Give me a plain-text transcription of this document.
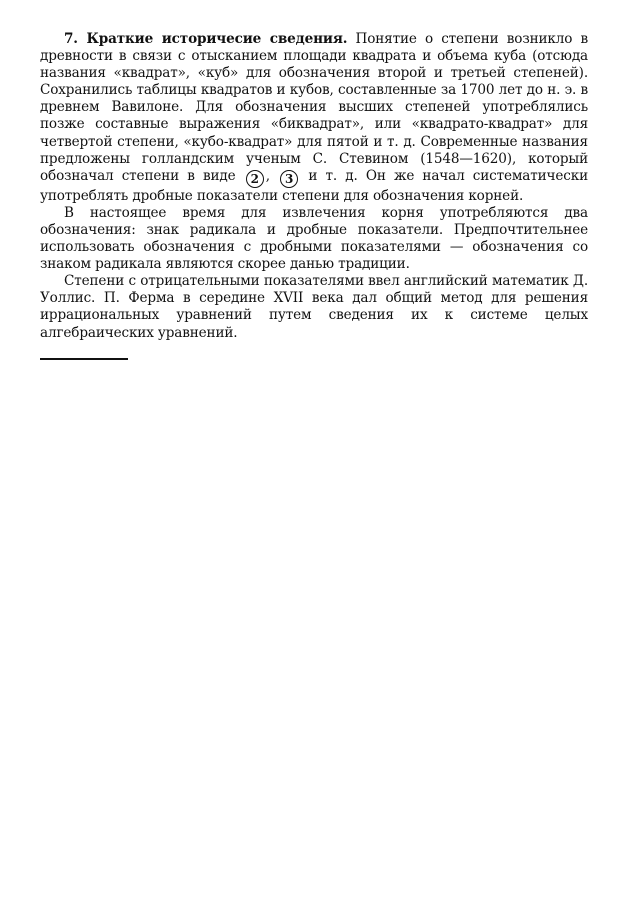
7. Краткие историчесие сведения. Понятие о степени возникло в древности в связи с отысканием площади квадрата и объема куба (отсюда названия «квадрат», «куб» для обозначения второй и третьей степеней). Сохранились таблицы квадратов и кубов, составленные за 1700 лет до н. э. в древнем Вавилоне. Для обозначения высших степеней употреблялись позже составные выражения «биквадрат», или «квадрато-квадрат» для четвертой степени, «кубо-квадрат» для пятой и т. д. Современные названия предложены голландским ученым С. Стевином (1548—1620), который обозначал степени в виде 2 , 3 и т. д. Он же начал систематически употреблять дробные показатели степени для обозначения корней.

В настоящее время для извлечения корня употребляются два обозначения: знак радикала и дробные показатели. Предпочтительнее использовать обозначения с дробными показателями — обозначения со знаком радикала являются скорее данью традиции.

Степени с отрицательными показателями ввел английский математик Д. Уоллис. П. Ферма в середине XVII века дал общий метод для решения иррациональных уравнений путем сведения их к системе целых алгебраических уравнений.
